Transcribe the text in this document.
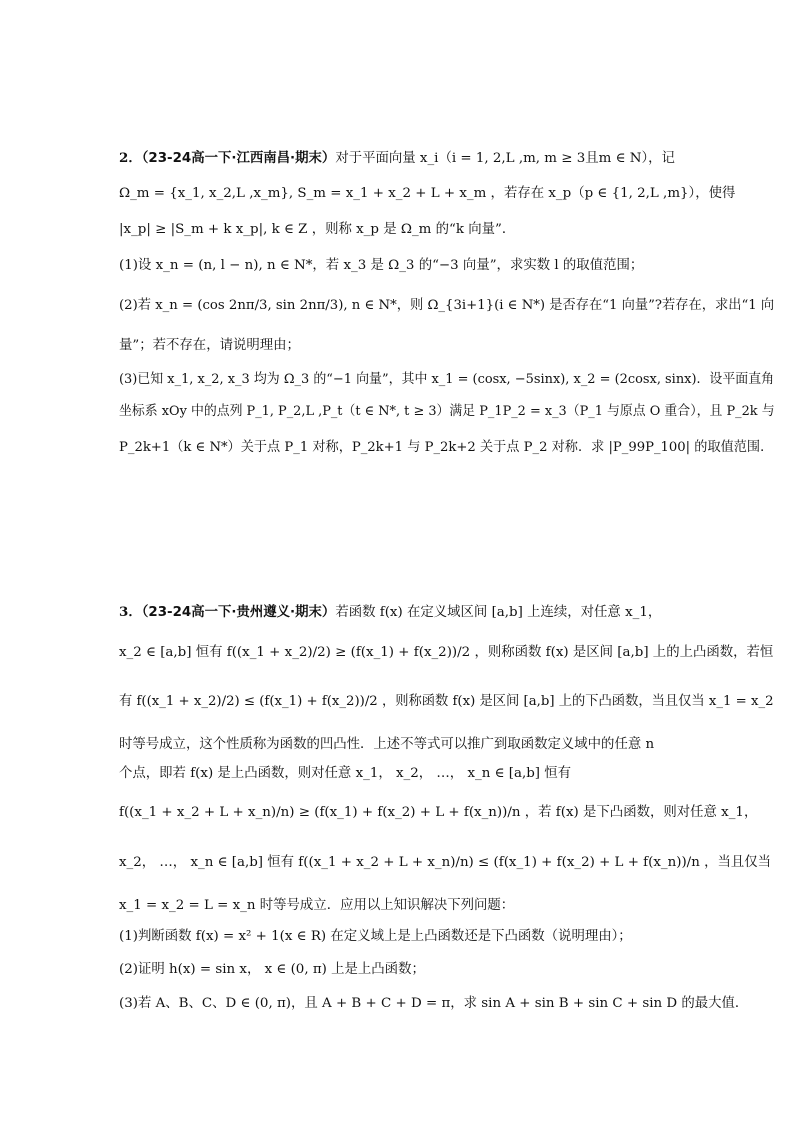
2．（23-24高一下·江西南昌·期末）对于平面向量 x_i（i = 1, 2,L ,m, m ≥ 3且m ∈ N），记
Ω_m = {x_1, x_2,L ,x_m}, S_m = x_1 + x_2 + L + x_m ，若存在 x_p（p ∈ {1, 2,L ,m}），使得
|x_p| ≥ |S_m + k x_p|, k ∈ Z ，则称 x_p 是 Ω_m 的“k 向量”．
(1)设 x_n = (n, l − n), n ∈ N*，若 x_3 是 Ω_3 的“−3 向量”，求实数 l 的取值范围；
(2)若 x_n = (cos 2nπ/3, sin 2nπ/3), n ∈ N*，则 Ω_{3i+1}(i ∈ N*) 是否存在“1 向量”?若存在，求出“1 向
量”；若不存在，请说明理由；
(3)已知 x_1, x_2, x_3 均为 Ω_3 的“−1 向量”，其中 x_1 = (cosx, −5sinx), x_2 = (2cosx, sinx)．设平面直角
坐标系 xOy 中的点列 P_1, P_2,L ,P_t（t ∈ N*, t ≥ 3）满足 P_1P_2 = x_3（P_1 与原点 O 重合），且 P_2k 与
P_2k+1（k ∈ N*）关于点 P_1 对称，P_2k+1 与 P_2k+2 关于点 P_2 对称．求 |P_99P_100| 的取值范围．
3．（23-24高一下·贵州遵义·期末）若函数 f(x) 在定义域区间 [a,b] 上连续，对任意 x_1，
x_2 ∈ [a,b] 恒有 f((x_1 + x_2)/2) ≥ (f(x_1) + f(x_2))/2 ，则称函数 f(x) 是区间 [a,b] 上的上凸函数，若恒
有 f((x_1 + x_2)/2) ≤ (f(x_1) + f(x_2))/2 ，则称函数 f(x) 是区间 [a,b] 上的下凸函数，当且仅当 x_1 = x_2
时等号成立，这个性质称为函数的凹凸性．上述不等式可以推广到取函数定义域中的任意 n
个点，即若 f(x) 是上凸函数，则对任意 x_1， x_2， …， x_n ∈ [a,b] 恒有
f((x_1 + x_2 + L + x_n)/n) ≥ (f(x_1) + f(x_2) + L + f(x_n))/n ，若 f(x) 是下凸函数，则对任意 x_1，
x_2， …， x_n ∈ [a,b] 恒有 f((x_1 + x_2 + L + x_n)/n) ≤ (f(x_1) + f(x_2) + L + f(x_n))/n ，当且仅当
x_1 = x_2 = L = x_n 时等号成立．应用以上知识解决下列问题：
(1)判断函数 f(x) = x² + 1(x ∈ R) 在定义域上是上凸函数还是下凸函数（说明理由）；
(2)证明 h(x) = sin x， x ∈ (0, π) 上是上凸函数；
(3)若 A、B、C、D ∈ (0, π)，且 A + B + C + D = π，求 sin A + sin B + sin C + sin D 的最大值．
